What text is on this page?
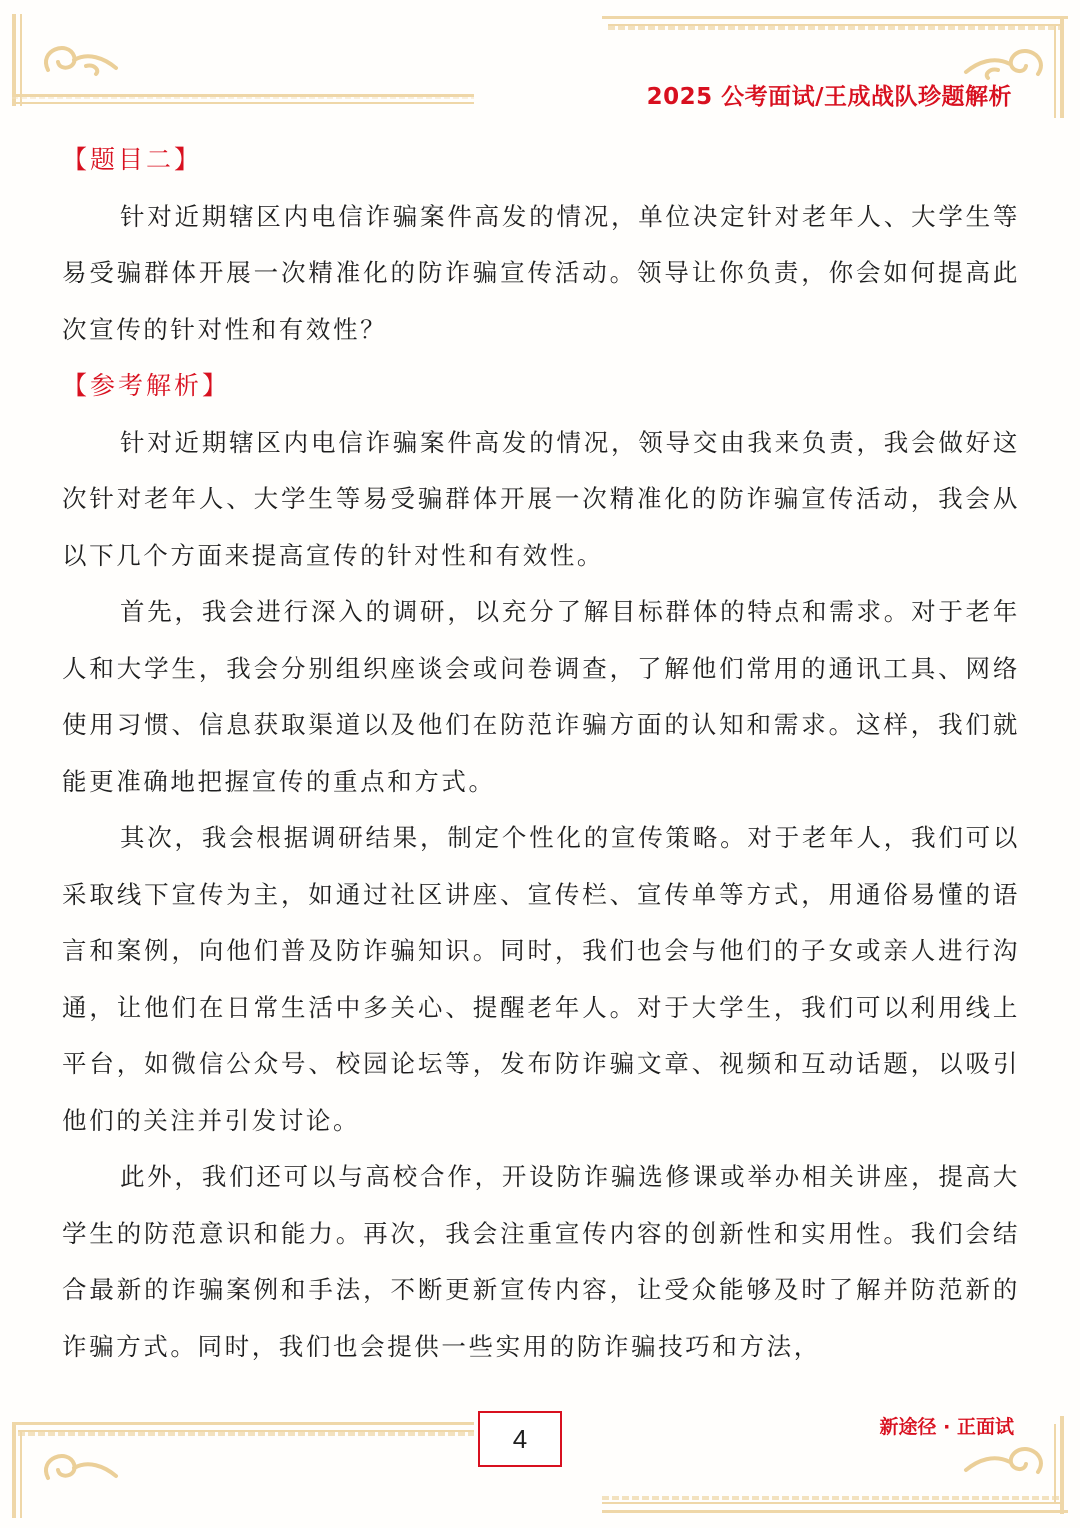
2025 公考面试/王成战队珍题解析
【题目二】

针对近期辖区内电信诈骗案件高发的情况，单位决定针对老年人、大学生等易受骗群体开展一次精准化的防诈骗宣传活动。领导让你负责，你会如何提高此次宣传的针对性和有效性？

【参考解析】

针对近期辖区内电信诈骗案件高发的情况，领导交由我来负责，我会做好这次针对老年人、大学生等易受骗群体开展一次精准化的防诈骗宣传活动，我会从以下几个方面来提高宣传的针对性和有效性。

首先，我会进行深入的调研，以充分了解目标群体的特点和需求。对于老年人和大学生，我会分别组织座谈会或问卷调查，了解他们常用的通讯工具、网络使用习惯、信息获取渠道以及他们在防范诈骗方面的认知和需求。这样，我们就能更准确地把握宣传的重点和方式。

其次，我会根据调研结果，制定个性化的宣传策略。对于老年人，我们可以采取线下宣传为主，如通过社区讲座、宣传栏、宣传单等方式，用通俗易懂的语言和案例，向他们普及防诈骗知识。同时，我们也会与他们的子女或亲人进行沟通，让他们在日常生活中多关心、提醒老年人。对于大学生，我们可以利用线上平台，如微信公众号、校园论坛等，发布防诈骗文章、视频和互动话题，以吸引他们的关注并引发讨论。

此外，我们还可以与高校合作，开设防诈骗选修课或举办相关讲座，提高大学生的防范意识和能力。再次，我会注重宣传内容的创新性和实用性。我们会结合最新的诈骗案例和手法，不断更新宣传内容，让受众能够及时了解并防范新的诈骗方式。同时，我们也会提供一些实用的防诈骗技巧和方法，

4	新途径 · 正面试
